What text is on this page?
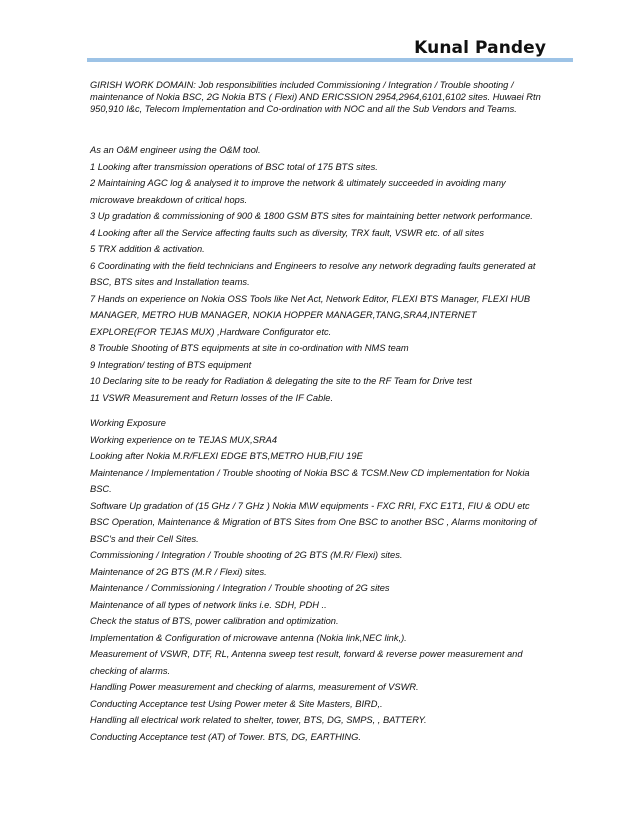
Kunal Pandey
GIRISH WORK DOMAIN: Job responsibilities included Commissioning / Integration / Trouble shooting / maintenance of Nokia BSC, 2G Nokia BTS ( Flexi) AND ERICSSION 2954,2964,6101,6102 sites. Huwaei Rtn 950,910 I&c, Telecom Implementation and Co-ordination with NOC and all the Sub Vendors and Teams.
As an O&M engineer using the O&M tool.
1 Looking after transmission operations of BSC total of 175 BTS sites.
2 Maintaining AGC log & analysed it to improve the network & ultimately succeeded in avoiding many
microwave breakdown of critical hops.
3 Up gradation & commissioning of 900 & 1800 GSM BTS sites for maintaining better network performance.
4 Looking after all the Service affecting faults such as diversity, TRX fault, VSWR etc. of all sites
5 TRX addition & activation.
6 Coordinating with the field technicians and Engineers to resolve any network degrading faults generated at
BSC, BTS sites and Installation teams.
7 Hands on experience on Nokia OSS Tools like Net Act, Network Editor, FLEXI BTS Manager, FLEXI HUB
MANAGER, METRO HUB MANAGER, NOKIA HOPPER MANAGER,TANG,SRA4,INTERNET
EXPLORE(FOR TEJAS MUX) ,Hardware Configurator etc.
8 Trouble Shooting of BTS equipments at site in co-ordination with NMS team
9 Integration/ testing of BTS equipment
10 Declaring site to be ready for Radiation & delegating the site to the RF Team for Drive test
11 VSWR Measurement and Return losses of the IF Cable.
Working Exposure
Working experience on te TEJAS MUX,SRA4
Looking after Nokia M.R/FLEXI EDGE BTS,METRO HUB,FIU 19E
Maintenance / Implementation / Trouble shooting of Nokia BSC & TCSM.New CD implementation for Nokia
BSC.
Software Up gradation of (15 GHz / 7 GHz ) Nokia M\W equipments - FXC RRI, FXC E1T1, FIU & ODU etc
BSC Operation, Maintenance & Migration of BTS Sites from One BSC to another BSC , Alarms monitoring of
BSC's and their Cell Sites.
Commissioning / Integration / Trouble shooting of 2G BTS (M.R/ Flexi) sites.
Maintenance of 2G BTS (M.R / Flexi) sites.
Maintenance / Commissioning / Integration / Trouble shooting of 2G sites
Maintenance of all types of network links i.e. SDH, PDH ..
Check the status of BTS, power calibration and optimization.
Implementation & Configuration of microwave antenna (Nokia link,NEC link,).
Measurement of VSWR, DTF, RL, Antenna sweep test result, forward & reverse power measurement and
checking of alarms.
Handling Power measurement and checking of alarms, measurement of VSWR.
Conducting Acceptance test Using Power meter & Site Masters, BIRD,.
Handling all electrical work related to shelter, tower, BTS, DG, SMPS, , BATTERY.
Conducting Acceptance test (AT) of Tower. BTS, DG, EARTHING.
